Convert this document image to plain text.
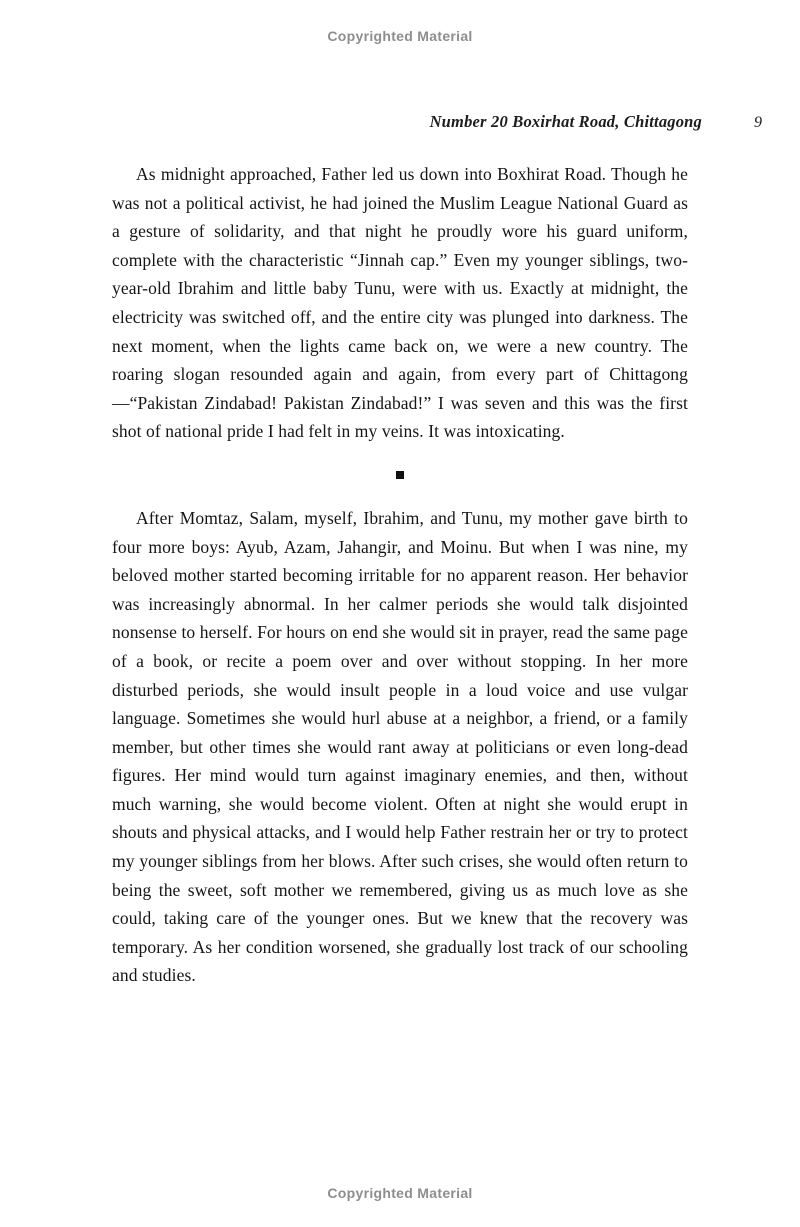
Copyrighted Material
Number 20 Boxirhat Road, Chittagong	9

As midnight approached, Father led us down into Boxhirat Road. Though he was not a political activist, he had joined the Muslim League National Guard as a gesture of solidarity, and that night he proudly wore his guard uniform, complete with the characteristic “Jinnah cap.” Even my younger siblings, two-year-old Ibrahim and little baby Tunu, were with us. Exactly at midnight, the electricity was switched off, and the entire city was plunged into darkness. The next moment, when the lights came back on, we were a new country. The roaring slogan resounded again and again, from every part of Chittagong—“Pakistan Zindabad! Pakistan Zindabad!” I was seven and this was the first shot of national pride I had felt in my veins. It was intoxicating.

After Momtaz, Salam, myself, Ibrahim, and Tunu, my mother gave birth to four more boys: Ayub, Azam, Jahangir, and Moinu. But when I was nine, my beloved mother started becoming irritable for no apparent reason. Her behavior was increasingly abnormal. In her calmer periods she would talk disjointed nonsense to herself. For hours on end she would sit in prayer, read the same page of a book, or recite a poem over and over without stopping. In her more disturbed periods, she would insult people in a loud voice and use vulgar language. Sometimes she would hurl abuse at a neighbor, a friend, or a family member, but other times she would rant away at politicians or even long-dead figures. Her mind would turn against imaginary enemies, and then, without much warning, she would become violent. Often at night she would erupt in shouts and physical attacks, and I would help Father restrain her or try to protect my younger siblings from her blows. After such crises, she would often return to being the sweet, soft mother we remembered, giving us as much love as she could, taking care of the younger ones. But we knew that the recovery was temporary. As her condition worsened, she gradually lost track of our schooling and studies.

Copyrighted Material
